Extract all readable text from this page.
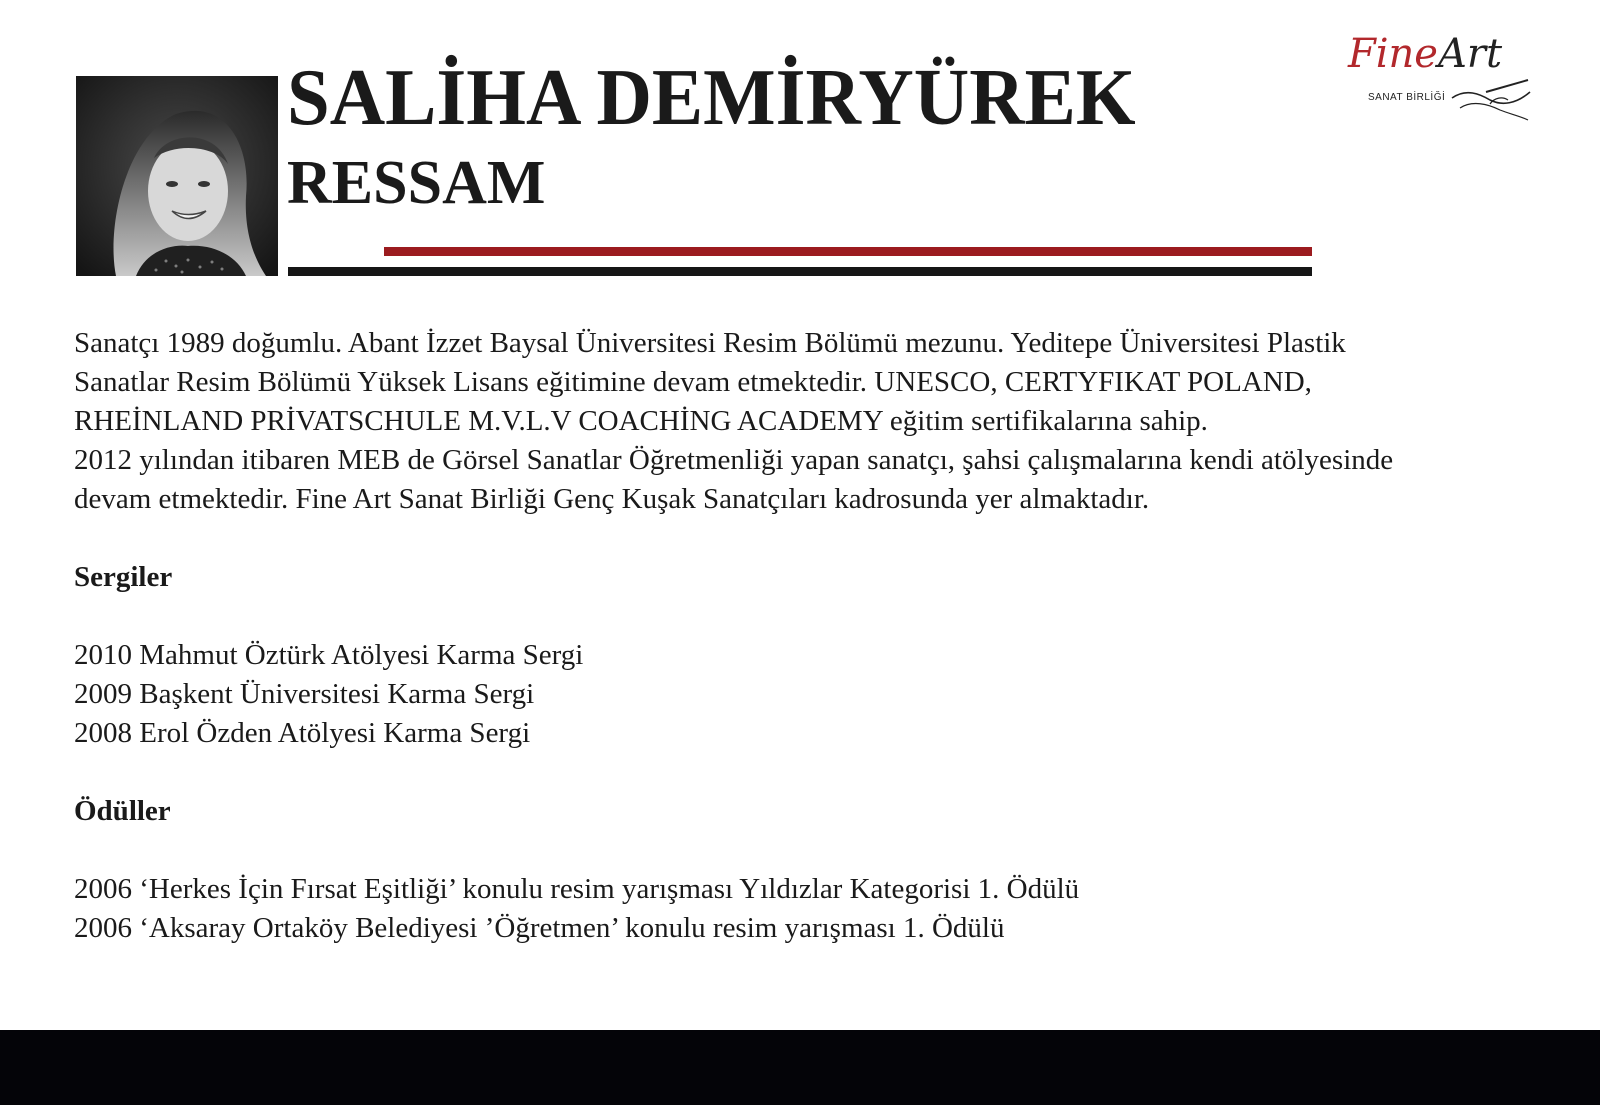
SALİHA DEMİRYÜREK
RESSAM
FineArt
SANAT BİRLİĞİ

Sanatçı 1989 doğumlu. Abant İzzet Baysal Üniversitesi Resim Bölümü mezunu. Yeditepe Üniversitesi Plastik

Sanatlar Resim Bölümü Yüksek Lisans eğitimine devam etmektedir. UNESCO, CERTYFIKAT POLAND,

RHEİNLAND PRİVATSCHULE M.V.L.V COACHİNG ACADEMY eğitim sertifikalarına sahip.

2012 yılından itibaren MEB de Görsel Sanatlar Öğretmenliği yapan sanatçı, şahsi çalışmalarına kendi atölyesinde

devam etmektedir. Fine Art Sanat Birliği Genç Kuşak Sanatçıları kadrosunda yer almaktadır.

Sergiler

2010 Mahmut Öztürk Atölyesi Karma Sergi

2009 Başkent Üniversitesi Karma Sergi

2008 Erol Özden Atölyesi Karma Sergi

Ödüller

2006 ‘Herkes İçin Fırsat Eşitliği’ konulu resim yarışması Yıldızlar Kategorisi 1. Ödülü

2006 ‘Aksaray Ortaköy Belediyesi ’Öğretmen’ konulu resim yarışması 1. Ödülü
